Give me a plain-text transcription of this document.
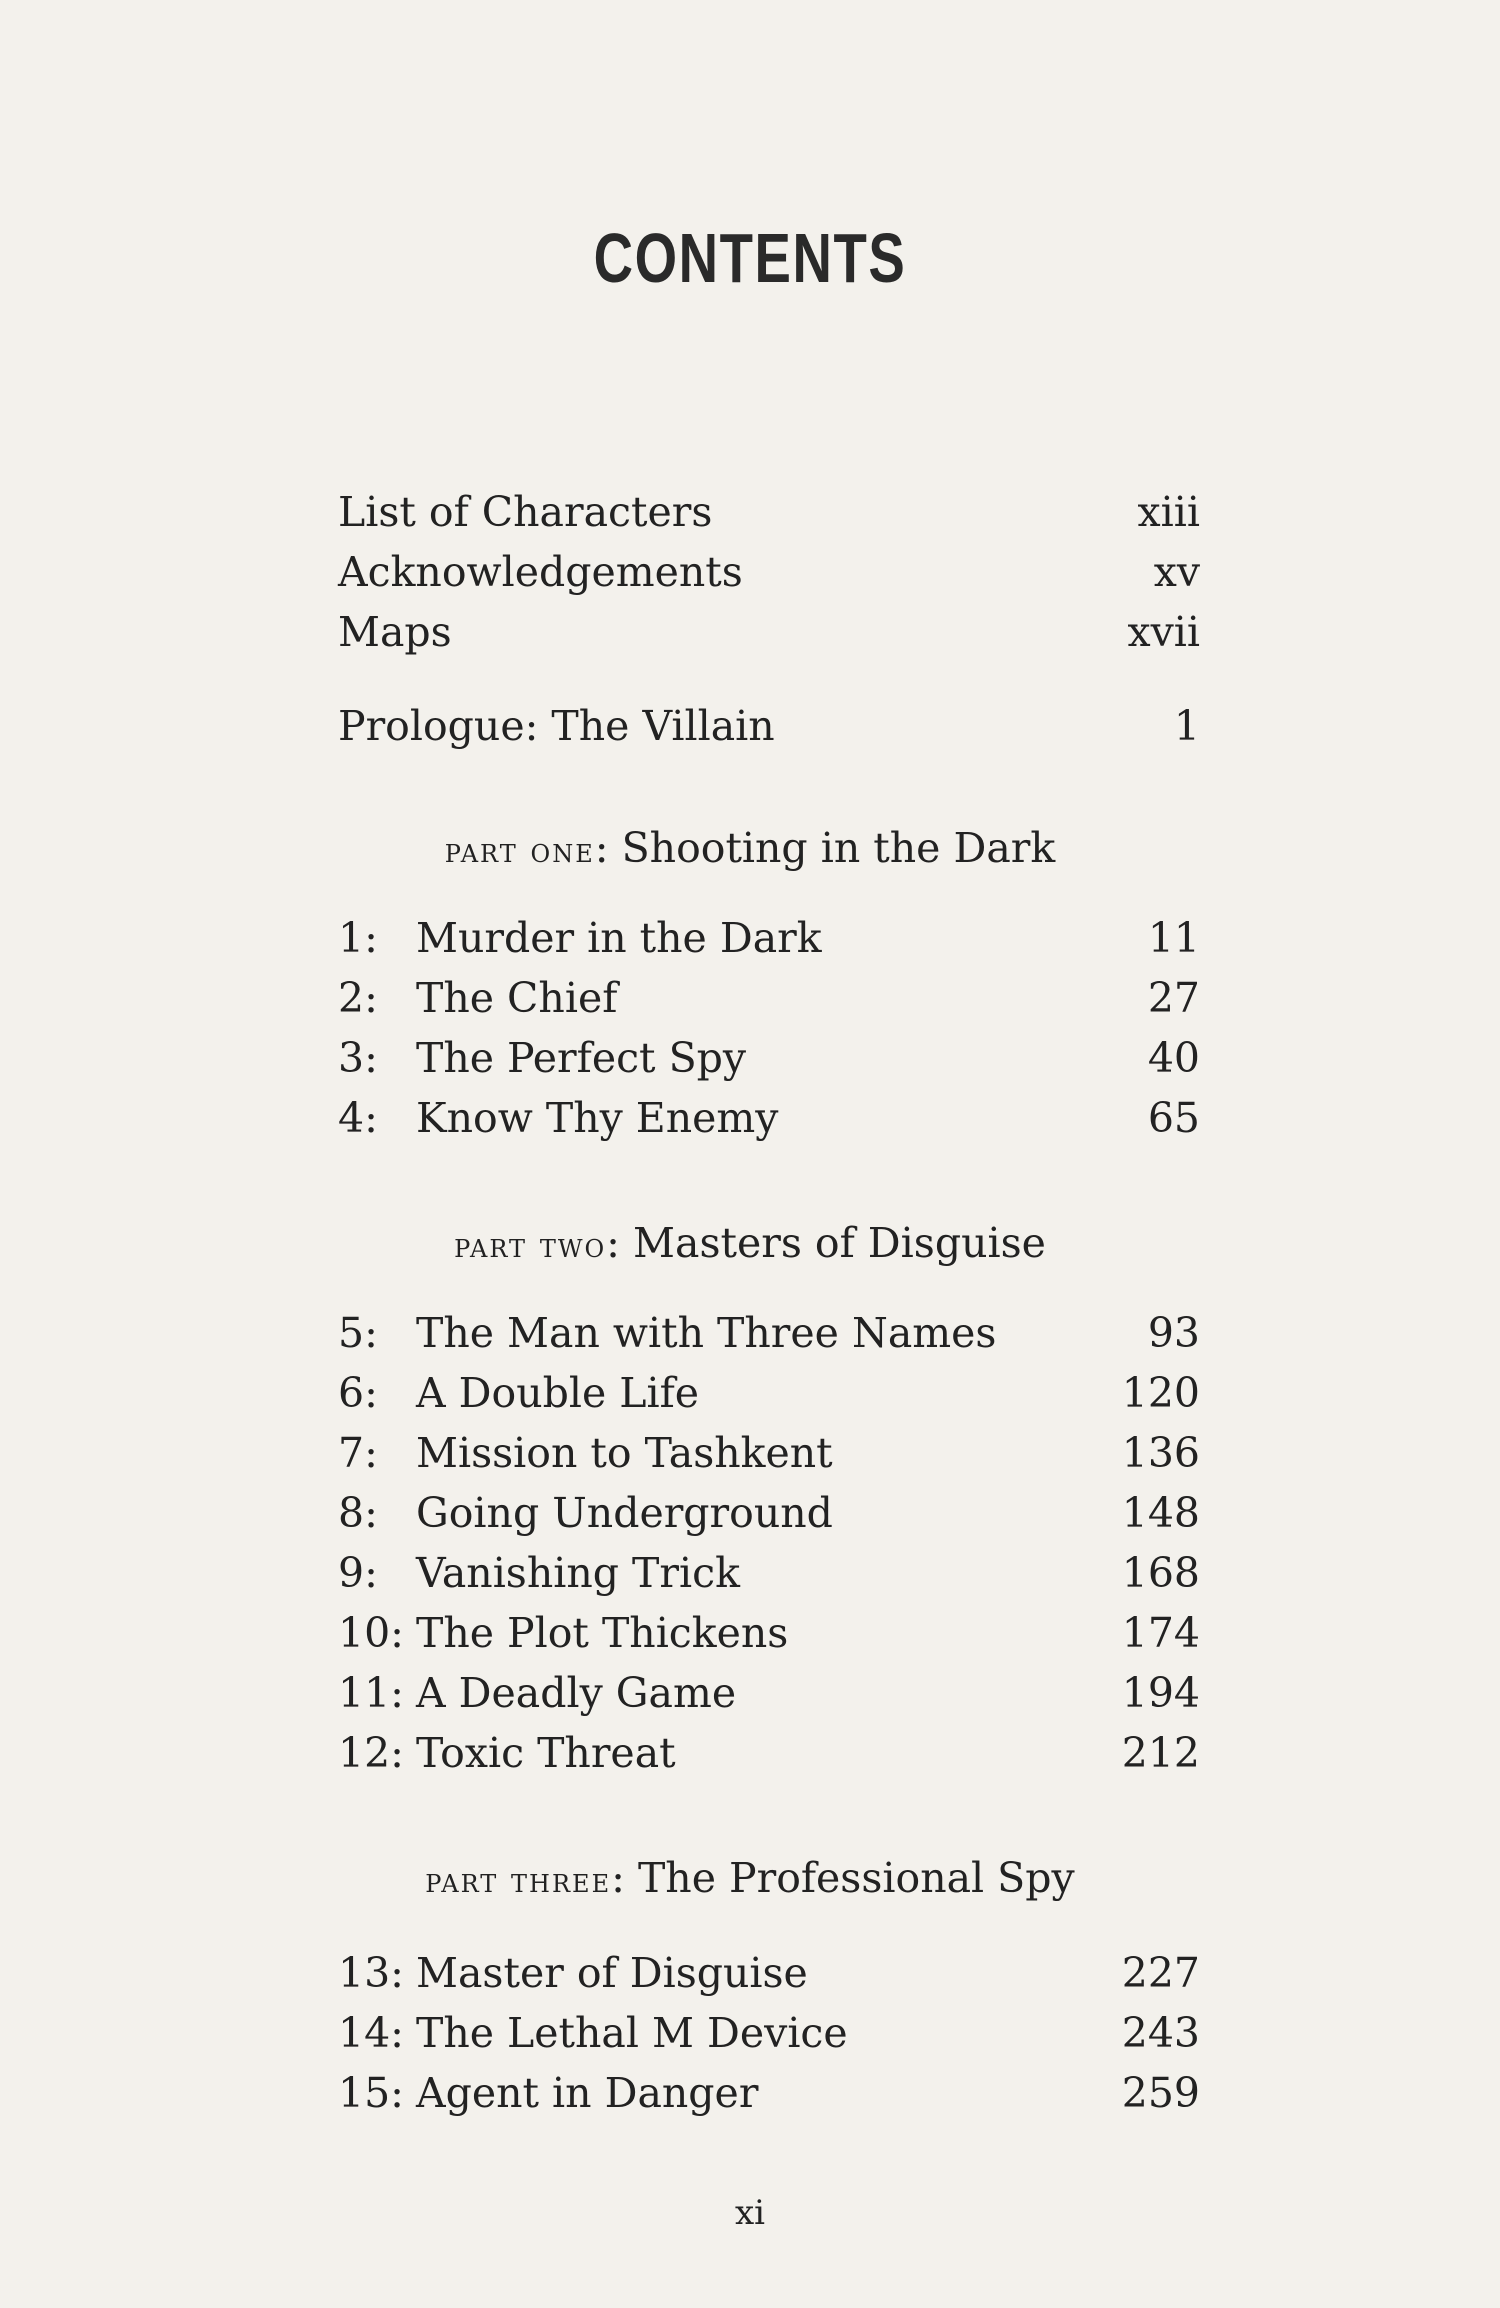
CONTENTS
List of Characters	xiii
Acknowledgements	xv
Maps	xvii
Prologue: The Villain	1
part one: Shooting in the Dark
1: Murder in the Dark	11
2: The Chief	27
3: The Perfect Spy	40
4: Know Thy Enemy	65
part two: Masters of Disguise
5: The Man with Three Names	93
6: A Double Life	120
7: Mission to Tashkent	136
8: Going Underground	148
9: Vanishing Trick	168
10: The Plot Thickens	174
11: A Deadly Game	194
12: Toxic Threat	212
part three: The Professional Spy
13: Master of Disguise	227
14: The Lethal M Device	243
15: Agent in Danger	259
xi
